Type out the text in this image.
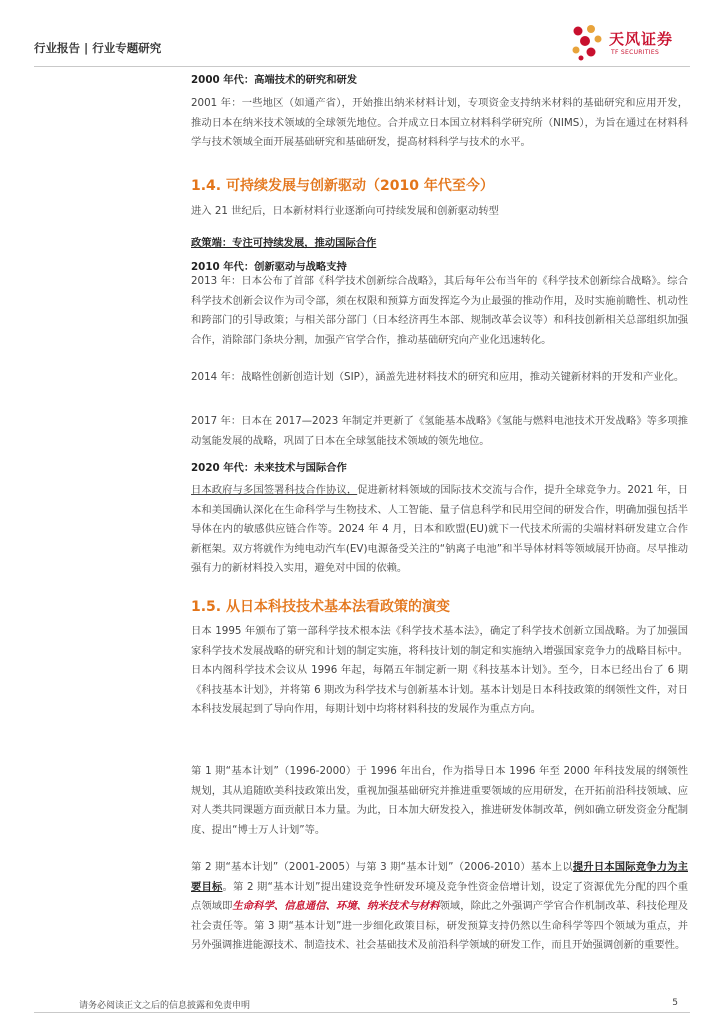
行业报告 | 行业专题研究	天风证券
TF SECURITIES
2000 年代：高端技术的研究和研发
2001 年：一些地区（如通产省），开始推出纳米材料计划，专项资金支持纳米材料的基础研究和应用开发，推动日本在纳米技术领域的全球领先地位。合并成立日本国立材料科学研究所（NIMS），为旨在通过在材料科学与技术领域全面开展基础研究和基础研发，提高材料科学与技术的水平。
1.4. 可持续发展与创新驱动（2010 年代至今）
进入 21 世纪后，日本新材料行业逐渐向可持续发展和创新驱动转型
政策端：专注可持续发展，推动国际合作
2010 年代：创新驱动与战略支持
2013 年：日本公布了首部《科学技术创新综合战略》，其后每年公布当年的《科学技术创新综合战略》。综合科学技术创新会议作为司令部，须在权限和预算方面发挥迄今为止最强的推动作用，及时实施前瞻性、机动性和跨部门的引导政策；与相关部分部门（日本经济再生本部、规制改革会议等）和科技创新相关总部组织加强合作，消除部门条块分割，加强产官学合作，推动基础研究向产业化迅速转化。
2014 年：战略性创新创造计划（SIP），涵盖先进材料技术的研究和应用，推动关键新材料的开发和产业化。
2017 年：日本在 2017—2023 年制定并更新了《氢能基本战略》《氢能与燃料电池技术开发战略》等多项推动氢能发展的战略，巩固了日本在全球氢能技术领域的领先地位。
2020 年代：未来技术与国际合作
日本政府与多国签署科技合作协议，促进新材料领域的国际技术交流与合作，提升全球竞争力。2021 年，日本和美国确认深化在生命科学与生物技术、人工智能、量子信息科学和民用空间的研发合作，明确加强包括半导体在内的敏感供应链合作等。2024 年 4 月，日本和欧盟(EU)就下一代技术所需的尖端材料研发建立合作新框架。双方将就作为纯电动汽车(EV)电源备受关注的“钠离子电池”和半导体材料等领域展开协商。尽早推动强有力的新材料投入实用，避免对中国的依赖。
1.5. 从日本科技技术基本法看政策的演变
日本 1995 年颁布了第一部科学技术根本法《科学技术基本法》，确定了科学技术创新立国战略。为了加强国家科学技术发展战略的研究和计划的制定实施，将科技计划的制定和实施纳入增强国家竞争力的战略目标中。日本内阁科学技术会议从 1996 年起，每隔五年制定新一期《科技基本计划》。至今，日本已经出台了 6 期《科技基本计划》，并将第 6 期改为科学技术与创新基本计划。基本计划是日本科技政策的纲领性文件，对日本科技发展起到了导向作用，每期计划中均将材料科技的发展作为重点方向。
第 1 期“基本计划”（1996-2000）于 1996 年出台，作为指导日本 1996 年至 2000 年科技发展的纲领性规划，其从追随欧美科技政策出发，重视加强基础研究并推进重要领域的应用研发，在开拓前沿科技领域、应对人类共同课题方面贡献日本力量。为此，日本加大研发投入，推进研发体制改革，例如确立研发资金分配制度、提出“博士万人计划”等。
第 2 期“基本计划”（2001-2005）与第 3 期“基本计划”（2006-2010）基本上以提升日本国际竞争力为主要目标。第 2 期“基本计划”提出建设竞争性研发环境及竞争性资金倍增计划，设定了资源优先分配的四个重点领域即生命科学、信息通信、环境、纳米技术与材料领域，除此之外强调产学官合作机制改革、科技伦理及社会责任等。第 3 期“基本计划”进一步细化政策目标，研发预算支持仍然以生命科学等四个领域为重点，并另外强调推进能源技术、制造技术、社会基础技术及前沿科学领域的研发工作，而且开始强调创新的重要性。
请务必阅读正文之后的信息披露和免责申明	5
